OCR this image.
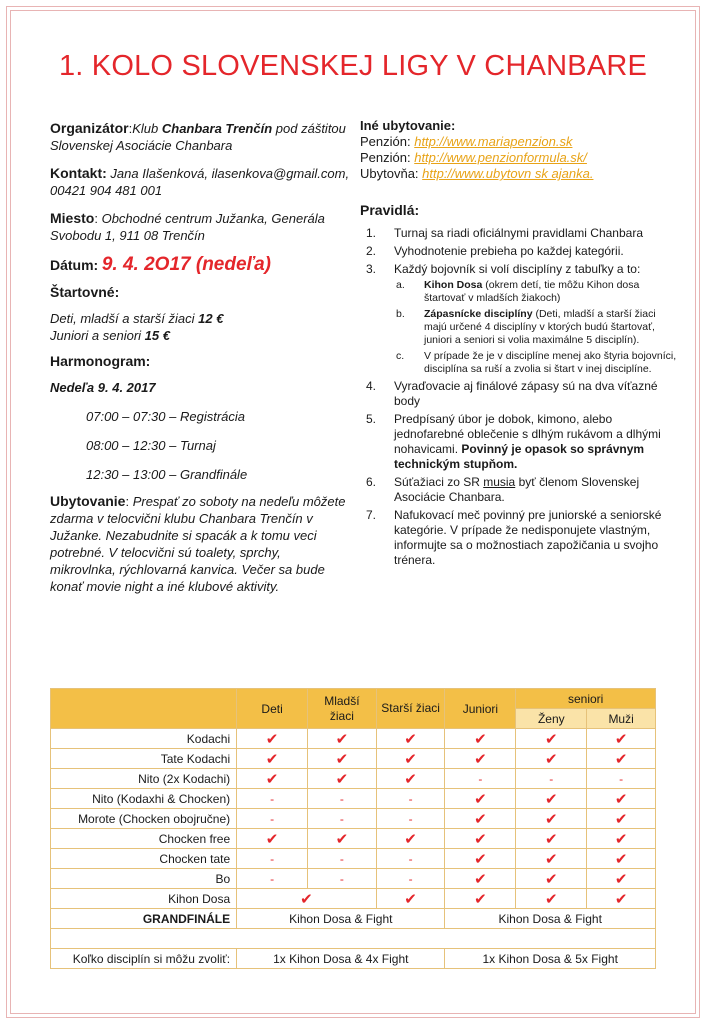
1. KOLO SLOVENSKEJ LIGY V CHANBARE

Organizátor:Klub Chanbara Trenčín pod záštitou Slovenskej Asociácie Chanbara

Kontakt: Jana Ilašenková, ilasenkova@gmail.com, 00421 904 481 001

Miesto: Obchodné centrum Južanka, Generála Svobodu 1, 911 08 Trenčín

Dátum: 9. 4. 2O17 (nedeľa)

Štartovné:

Deti, mladší a starší žiaci 12 €

Juniori a seniori 15 €

Harmonogram:

Nedeľa 9. 4. 2017

07:00 – 07:30 – Registrácia

08:00 – 12:30 – Turnaj

12:30 – 13:00 – Grandfinále

Ubytovanie: Prespať zo soboty na nedeľu môžete zdarma v telocvični klubu Chanbara Trenčín v Južanke. Nezabudnite si spacák a k tomu veci potrebné. V telocvični sú toalety, sprchy, mikrovlnka, rýchlovarná kanvica. Večer sa bude konať movie night a iné klubové aktivity.

Iné ubytovanie:

Penzión: http://www.mariapenzion.sk

Penzión: http://www.penzionformula.sk/

Ubytovňa: http://www.ubytovn sk ajanka.

Pravidlá:

1. Turnaj sa riadi oficiálnymi pravidlami Chanbara
2. Vyhodnotenie prebieha po každej kategórii.
3. Každý bojovník si volí disciplíny z tabuľky a to:
a. Kihon Dosa (okrem detí, tie môžu Kihon dosa štartovať v mladších žiakoch)
b. Zápasnícke disciplíny (Deti, mladší a starší žiaci majú určené 4 disciplíny v ktorých budú štartovať, juniori a seniori si volia maximálne 5 disciplín).
c. V prípade že je v disciplíne menej ako štyria bojovníci, disciplína sa ruší a zvolia si štart v inej disciplíne.
4. Vyraďovacie aj finálové zápasy sú na dva víťazné body
5. Predpísaný úbor je dobok, kimono, alebo jednofarebné oblečenie s dlhým rukávom a dlhými nohavicami. Povinný je opasok so správnym technickým stupňom.
6. Súťažiaci zo SR musia byť členom Slovenskej Asociácie Chanbara.
7. Nafukovací meč povinný pre juniorské a seniorské kategórie. V prípade že nedisponujete vlastným, informujte sa o možnostiach zapožičania u svojho trénera.
	Deti	Mladší žiaci	Starší žiaci	Juniori	seniori	
					Ženy	Muži
Kodachi	✔	✔	✔	✔	✔	✔
Tate Kodachi	✔	✔	✔	✔	✔	✔
Nito (2x Kodachi)	✔	✔	✔	-	-	-
Nito (Kodaxhi & Chocken)	-	-	-	✔	✔	✔
Morote (Chocken obojručne)	-	-	-	✔	✔	✔
Chocken free	✔	✔	✔	✔	✔	✔
Chocken tate	-	-	-	✔	✔	✔
Bo	-	-	-	✔	✔	✔
Kihon Dosa	✔		✔	✔	✔	✔
GRANDFINÁLE	Kihon Dosa & Fight			Kihon Dosa & Fight		

Koľko disciplín si môžu zvoliť:	1x Kihon Dosa & 4x Fight			1x Kihon Dosa & 5x Fight		
